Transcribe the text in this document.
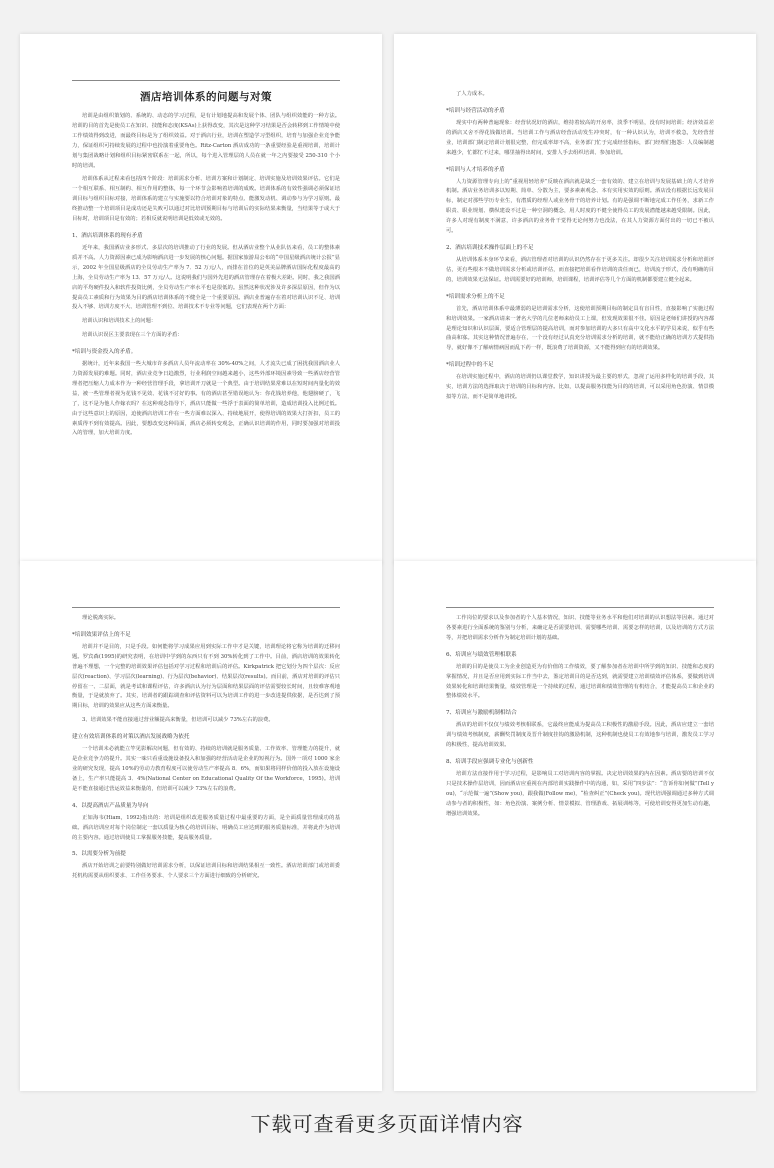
酒店培训体系的问题与对策
培训是由组织策划的、系统的、动态的学习过程，是有计划地提高和发展个体、团队与组织效能的一种方法。培训的目的首先是使员工在知识、技能和态度(KSAs)上获得改变，其次是这种学习结果是否会转移到工作情境中使工作绩效得到改进，而最终目标是为了组织效益。对于酒店行业，培训在塑造学习型组织，培育与加强企业竞争能力，保证组织可持续发展的过程中也扮演着重要角色。Ritz-Carton 酒店成功的一条重要经验是重视培训，培训计划与集团战略计划和组织目标紧密联系在一起，所以，每个进入管理层的人员在就一年之内要接受 250-310 个小时的培训。
培训体系从过程来看包括四个阶段：培训需求分析、培训方案和计划制定、培训实施及培训效果评估。它们是一个相互联系、相互制约、相互作用的整体，每一个环节会影响着培训的成败。培训体系的有效性强调必须保证培训目标与组织目标对接，培训体系的建立与实施要以符合培训对象的特点、能激发动机、调动参与为学习原则。最终推动整一个培训项目是成功还是失败可以通过对比培训预期目标与培训后的实际结果来衡量，当结果等于或大于目标时，培训项目是有效的；若相反就说明培训是低效或无效的。
1、酒店培训体系的现有矛盾
近年来，我国酒店业多形式、多层次的培训推动了行业的发展。但从酒店业整个从业队伍来看，员工的整体素质并不高。人力资源因素已成为影响酒店进一步发展的核心问题。据国家旅游局公布的“中国星级酒店统计公报”显示，2002 年全国星级酒店的全员劳动生产率为 7．52 万元/人，而排在首位的是英美品牌酒店国际化程度最高的上海，全员劳动生产率为 13．57 万元/人。这说明我们与国外先进的酒店管理存在着极大差距。同时，我之我国酒店的平均硬件投入和软件投资比例，全员劳动生产率水平也是很低的。虽然这种状况涉及许多深层原因，但作为以提高员工素质和行为效果为目的酒店培训体系的不健全是一个重要原因。酒店业普遍存在着对培训认识不足、培训投入不够、培训方度不大、培训管理不到位、培训技术不专业等问题，它们表现在两个方面：
培训认识和培训技术上的问题：
培训认识误区主要表现在三个方面的矛盾：
*培训与资金投入的矛盾。
据统计，近年来我国一些大城市许多酒店人员年流动率在 30%-40%之间，人才流失已成了困扰我国酒店业人力资源发展的难题。同时，酒店业竞争日趋激烈，行业利润空间越来越小，这些外部环境因素导致一些酒店经营管理者把压缩人力成本作为一种经营管理手段，拿培训开刀就是一个典型。由于培训结果常难以在短时间内量化的效益，被一些管理者视为花钱不见效、花钱不讨好的事。有的酒店甚至错误地认为：你花钱培养他，他翅膀硬了，飞了，这不是为他人作嫁衣吗？在这种观念指导下，酒店只能做一些浮于表面的简单培训，造成培训投入比例过低。由于这些意识上的原因，迫使酒店培训工作在一些方面难以深入、持续地展开，使得培训的效果大打折扣，员工的素质得不到有效提高。因此，要想改变这种局面，酒店必须转变观念，正确认识培训的作用，同时要加强对培训投入的管理，加大培训力度。
了人力成本。
*培训与经营活动的矛盾
现实中有两种普遍现象：经营状况好的酒店，维持着较高的开房率，淡季不明显，没有时间培训；经济效益差的酒店又舍不得花钱做培训。当培训工作与酒店经营活动发生冲突时，有一种认识认为，培训不救急，先经营营业，培训部门制定培训计划很完整，但完成率却不高，业务部门忙于完成经营指标，部门经理们抱怨：人员编制越来越少，忙都忙不过来，哪里抽得出时间，安排人手去组织培训、参加培训。
*培训与人才培养的矛盾
人力资源管理专向上的“重视用轻培养”反映在酒店就是缺乏一套有效的、建立在培训与发展基础上的人才培养机制。酒店业务培训多以短期、简单、分散为主，要多素素观念、本有实用实效的原则。酒店没有根据长远发展目标，制定对那些学历专业生，有潜质的经理人或业务骨干的培养计划。有的是强调不断地完成工作任务，求新工作职责、职业规划、横纵建设不过是一种空洞的概念，用人时度的不健全使得员工的发展潜能越来越受限制。因此，许多人对现有制度不满意，许多酒店的业务骨干觉得无论何努力也没法，在其人力资源方面付出的一切已不被认可。
2、酒店培训技术操作层面上的不足
从培训体系本身环节来看，酒店管理者对培训的认识仍然存在于更多关注。却很少关注培训需求分析和培训评估，更有些根本不做培训需求分析或培训评估，而直接把培训看作培训的责任而已，培训流于形式，没有明确的目的，培训效果无法保证。培训需要好的培训师，培训课程，培训评估等几个方面的机制都要建立健全起来。
*培训需求分析上的不足
首先，酒店培训体系中最薄弱的是培训需求分析，这使培训预期目标的制定具有盲目性，直接影响了实施过程和培训效果。一家酒店请来一著名大学的几位老师来给员工上课，但发现效果很不佳。原因是老师们讲授的内容都是理论知识和认识层面，要适合管理层的提高培训，而对参加培训的大多只有高中文化水平的学员来说，似乎有些曲高和寡。其实这种情况普遍存在，一个没有经过认真充分培训需求分析的培训，就不能给正确的培训方式提供指导，就好像不了解病情病因而乱下药一样，既浪费了培训资源，又不能得到应有的培训效果。
*培训过程中的不足
在培训实施过程中，酒店的培训仍以课堂教学，知识讲授为最主要的形式，忽视了运用多样化的培训手段，其实，培训方法的选择取决于培训的目标和内容。比如，以提高服务技能为目的的培训，可以采用角色扮演、情景模拟等方法，而不是简单地讲授。
理论脱离实际。
*培训效果评估上的不足
培训并不是目的，只是手段。如何能将学习成果应用到实际工作中才是关键，培训理论将它称为培训的迁移问题。罗宾森(1995)的研究表明，在培训中学到的东西只有不到 30%转化到了工作中。目前，酒店培训的效果转化普遍不理想，一个完整的培训效果评估包括对学习过程和培训后的评估。Kirkpatrick 把它划分为四个层次：反应层次(reaction)、学习层次(learning)、行为层次(behavior)、结果层次(results)。而目前，酒店对培训的评估只停留在一、二层面，就是考试和课程评估，许多酒店认为行为层面和结果层面的评估需要较长时间，且较难客观地衡量，于是就放弃了。其实，培训者的跟踪调查和评估资料可以为培训工作的进一步改进提供依据，是否达到了预期目标，培训的效果应从这些方面来衡量。
3、培训效果不能直接通过营业额提高来衡量，但培训可以减少 73%左右的浪费。
建立有效培训体系的对策以酒店发展战略为依托
一个培训未必就能立竿见影解决问题，但有效的、持续的培训就是服务质量、工作效率、管理能力的提升，就是企业竞争力的提升。其实一味只看重设施设备投入和加强的经营活动是企业的短视行为。国外一项对 1000 家企业的研究发现，提高 10%的劳动力教育程度可以使劳动生产率提高 8．6%，而如果将同样价值的投入放在设施设备上，生产率只能提高 3．4%(National Center on Educational Quality Of the Workforce，1995)。培训是不能直接通过营运效益来衡量的，但培训可以减少 73%左右的浪费。
4、以提高酒店产品质量为导向
正如海韦(Hiam，1992)指出的：培训是组织改进服务质量过程中最重要的方面，是全面质量管理成功的基础。酒店培训应对每个岗位制定一套以质量为核心的培训目标，明确员工应达到的服务质量标准，并将此作为培训的主要内容。通过培训使员工掌握服务技能，提高服务质量。
5、以需要分析为前提
酒店开始培训之前要特别做好培训需求分析，以保证培训目标和培训结果相互一致性。酒店培训部门或培训委托机构需要从组织要求、工作任务要求、个人要求三个方面进行细致的分析研究。
工作岗位的要求以及参加者的个人基本情况，知识、技能等业务水平和他们对培训的认识想法等因素。通过对各要素进行全面系统的鉴别与分析，来确定是否需要培训、需要哪些培训、需要怎样的培训，以及培训的方式方法等，并把培训需求分析作为制定培训计划的基础。
6、培训应与绩效管理相联系
培训的目的是使员工为企业创造更为有价值的工作绩效，要了解参加者在培训中所学到的知识、技能和态度的掌握情况，并且是否应用到实际工作当中去，鉴定培训目的是否达到，就需要建立培训绩效评估体系，要做到培训效果转化和培训结果衡量，绩效管理是一个持续的过程，通过培训和绩效管理的有机结合，才能提高员工和企业的整体绩效水平。
7、培训应与激励机制相结合
酒店的培训不仅仅与绩效考核相联系，它最终应能成为提高员工积极性的激励手段。因此，酒店应建立一套培训与绩效考核制度，薪酬奖罚制度及晋升制度挂钩的激励机制，这种机制也使员工有效地参与培训，激发员工学习的积极性，提高培训效果。
8、培训手段应强调专业化与创新性
培训方法直接作用于学习过程，是影响员工对培训内容的掌握。决定培训效果的内在因素。酒店要的培训不仅只是技术操作层培训，因而酒店应重视在内部培训实践操作中的沟通，如，采用“四步法”：“告诉你如何做”(Tell you)，“示范做一遍”(Show you)，跟我做(Follow me)，“检查纠正”(Check you)。现代培训强调通过多种方式调动参与者的积极性，如：角色扮演、案例分析、情景模拟、管理游戏、拓展训练等，可使培训变得更加生动有趣，增强培训效果。
下载可查看更多页面详情内容
